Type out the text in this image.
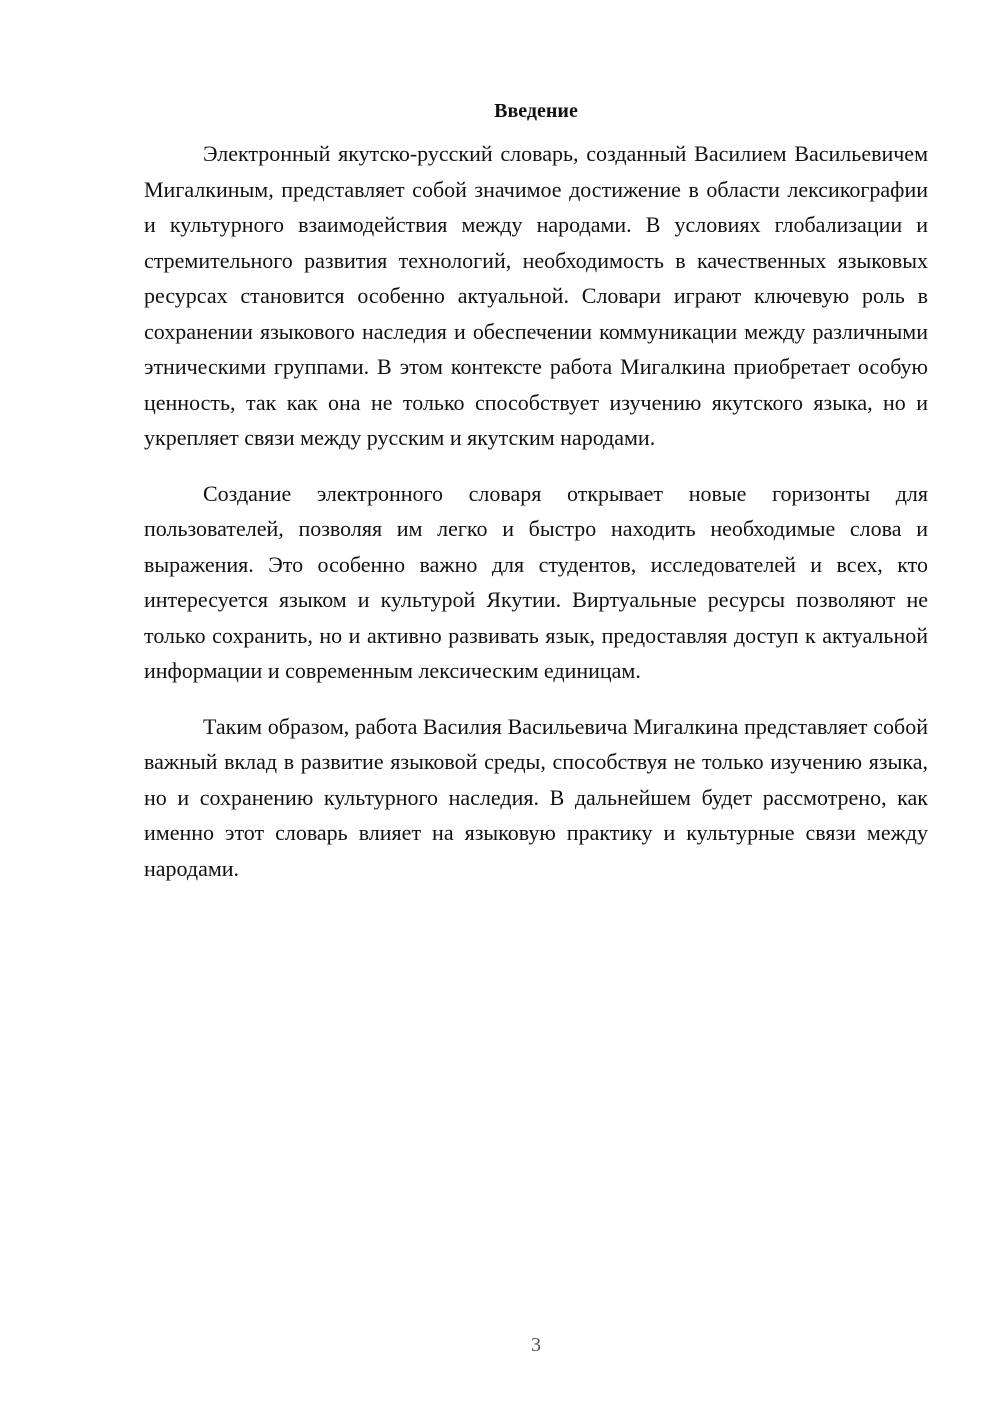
Введение

Электронный якутско-русский словарь, созданный Василием Васильевичем Мигалкиным, представляет собой значимое достижение в области лексикографии и культурного взаимодействия между народами. В условиях глобализации и стремительного развития технологий, необходимость в качественных языковых ресурсах становится особенно актуальной. Словари играют ключевую роль в сохранении языкового наследия и обеспечении коммуникации между различными этническими группами. В этом контексте работа Мигалкина приобретает особую ценность, так как она не только способствует изучению якутского языка, но и укрепляет связи между русским и якутским народами.

Создание электронного словаря открывает новые горизонты для пользователей, позволяя им легко и быстро находить необходимые слова и выражения. Это особенно важно для студентов, исследователей и всех, кто интересуется языком и культурой Якутии. Виртуальные ресурсы позволяют не только сохранить, но и активно развивать язык, предоставляя доступ к актуальной информации и современным лексическим единицам.

Таким образом, работа Василия Васильевича Мигалкина представляет собой важный вклад в развитие языковой среды, способствуя не только изучению языка, но и сохранению культурного наследия. В дальнейшем будет рассмотрено, как именно этот словарь влияет на языковую практику и культурные связи между народами.

3
